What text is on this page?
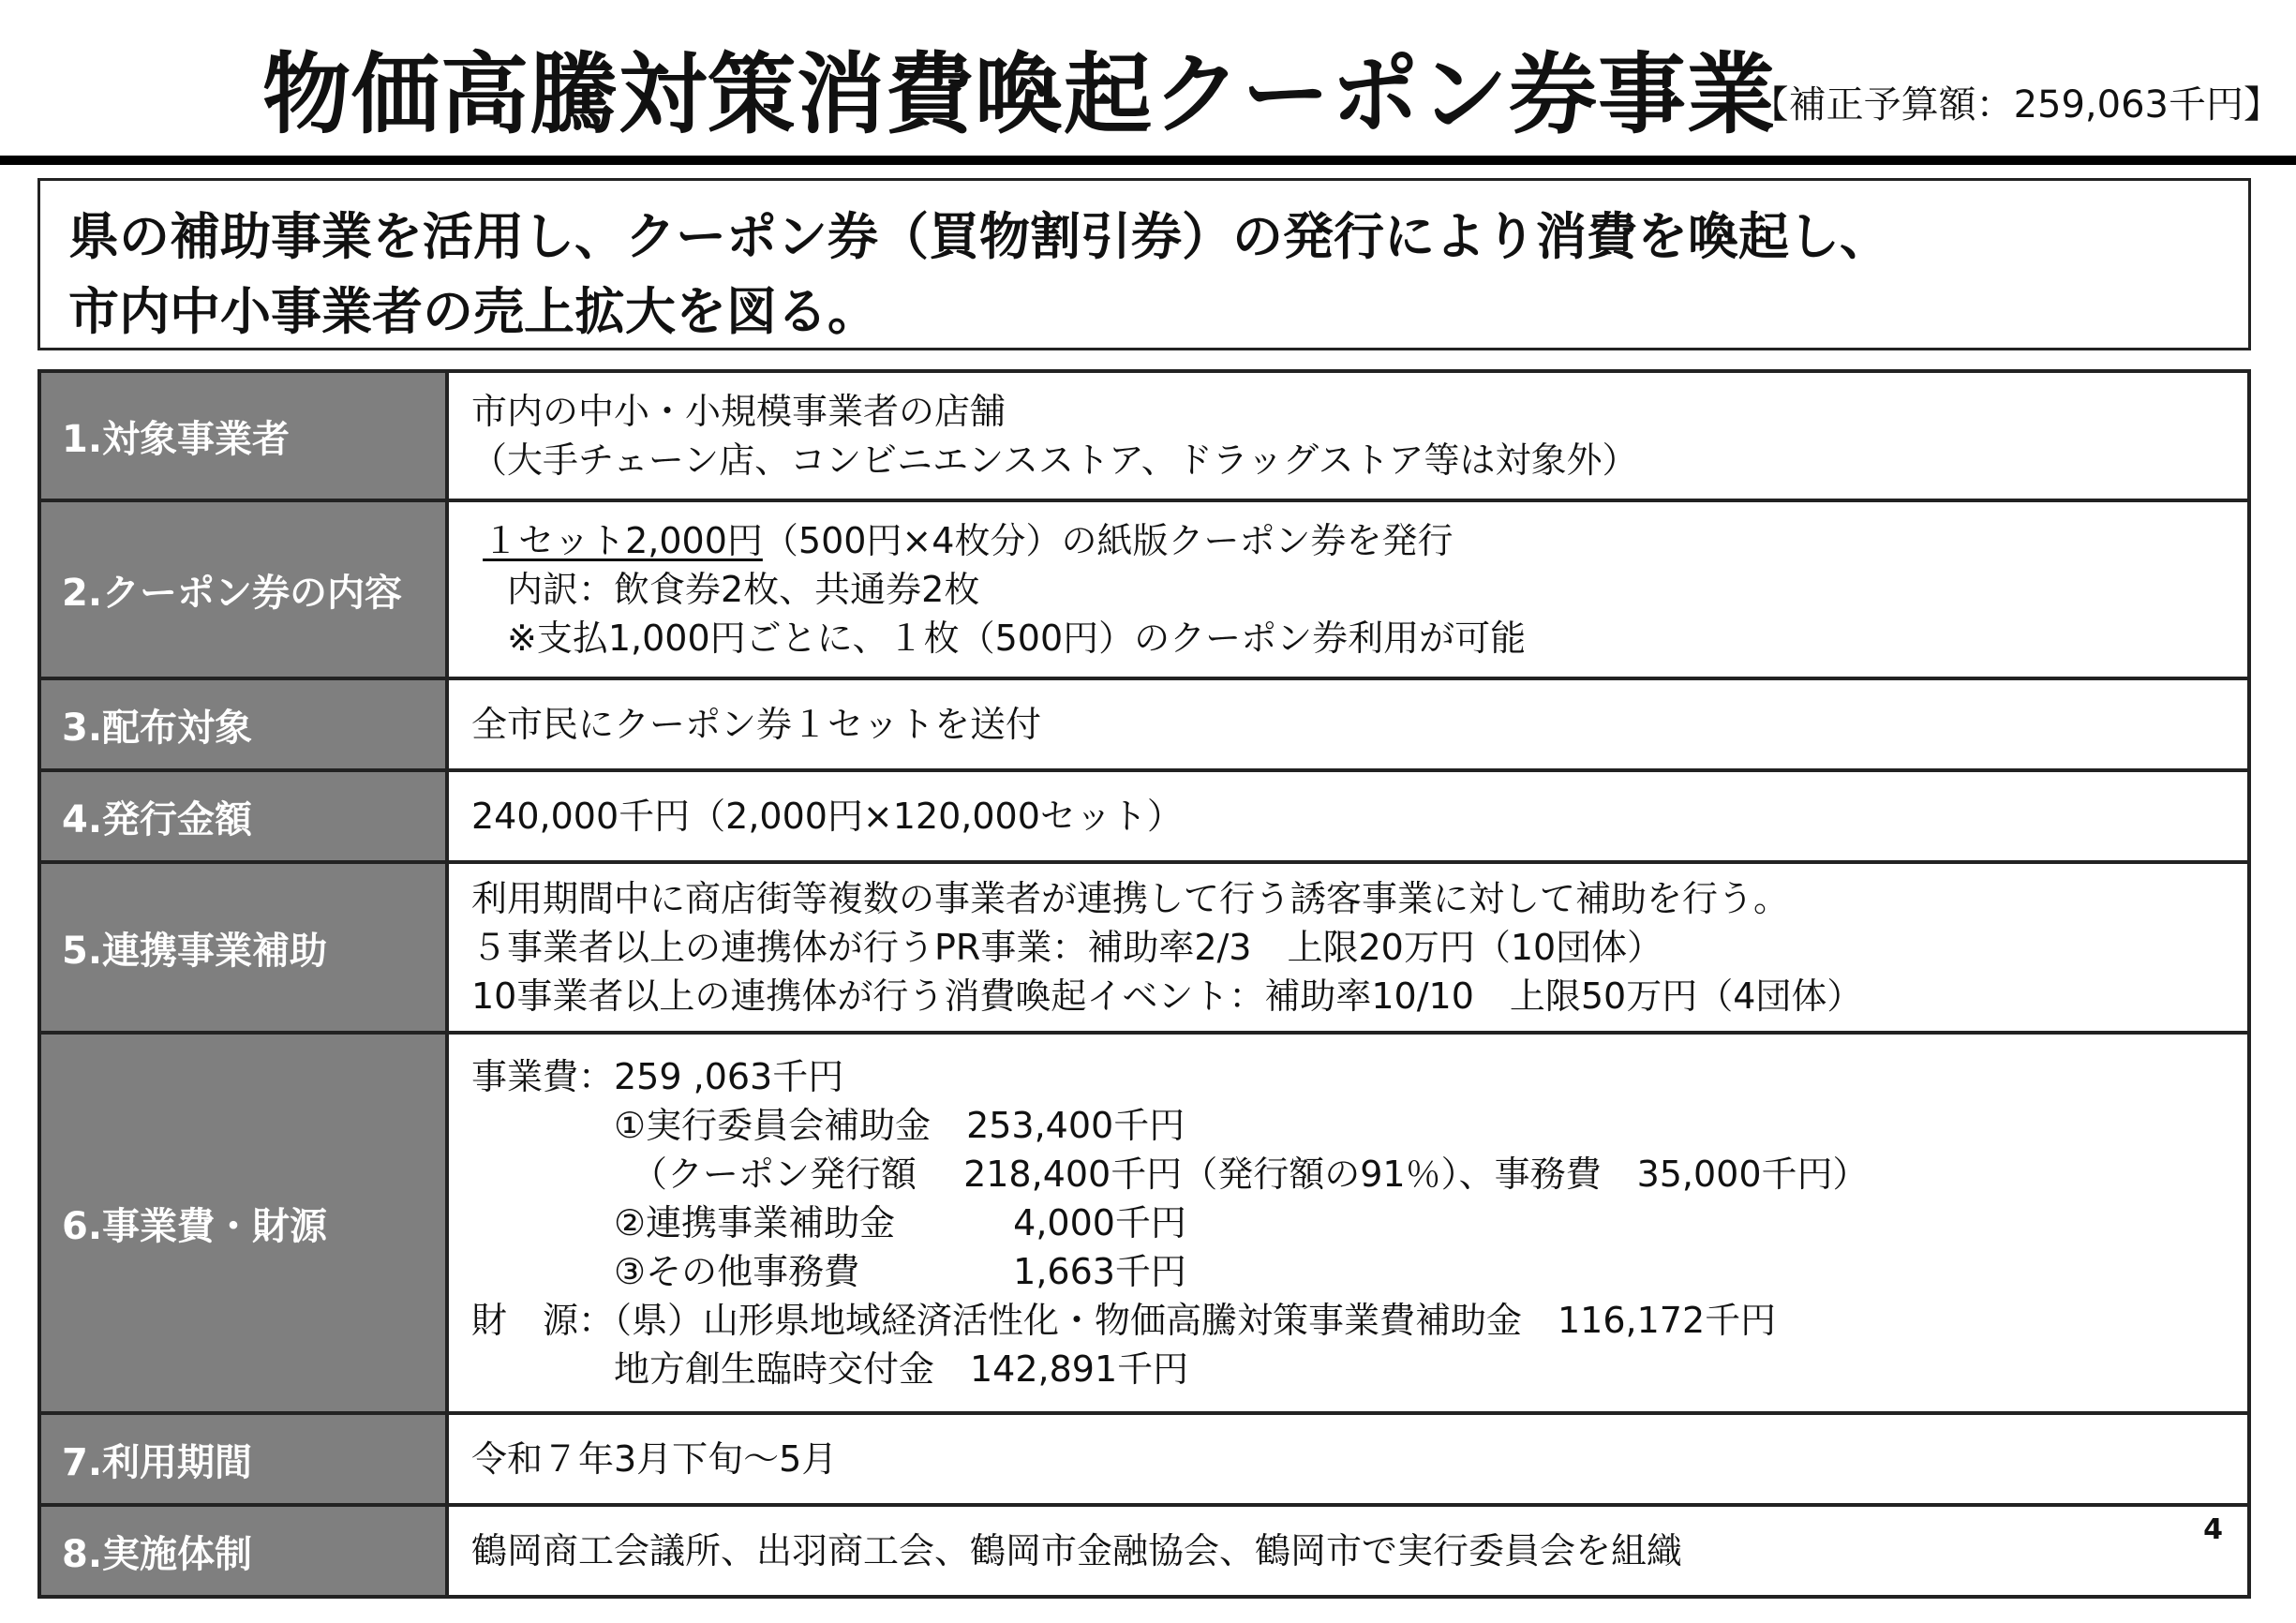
物価高騰対策消費喚起クーポン券事業
【補正予算額：259,063千円】
県の補助事業を活用し、クーポン券（買物割引券）の発行により消費を喚起し、
市内中小事業者の売上拡大を図る。
1.対象事業者
市内の中小・小規模事業者の店舗
（大手チェーン店、コンビニエンスストア、ドラッグストア等は対象外）
2.クーポン券の内容
１セット2,000円（500円×4枚分）の紙版クーポン券を発行
　内訳：飲食券2枚、共通券2枚
　※支払1,000円ごとに、１枚（500円）のクーポン券利用が可能
3.配布対象	全市民にクーポン券１セットを送付
4.発行金額	240,000千円（2,000円×120,000セット）
5.連携事業補助
利用期間中に商店街等複数の事業者が連携して行う誘客事業に対して補助を行う。
５事業者以上の連携体が行うPR事業：補助率2/3　上限20万円（10団体）
10事業者以上の連携体が行う消費喚起イベント：補助率10/10　上限50万円（4団体）
6.事業費・財源
事業費：259 ,063千円
　　　　①実行委員会補助金　253,400千円
　　　　　（クーポン発行額　 218,400千円（発行額の91％）、事務費　35,000千円）
　　　　②連携事業補助金　　　 4,000千円
　　　　③その他事務費　　　　 1,663千円
財　源：（県）山形県地域経済活性化・物価高騰対策事業費補助金　116,172千円
　　　　地方創生臨時交付金　142,891千円
7.利用期間	令和７年3月下旬～5月
8.実施体制	鶴岡商工会議所、出羽商工会、鶴岡市金融協会、鶴岡市で実行委員会を組織
4
